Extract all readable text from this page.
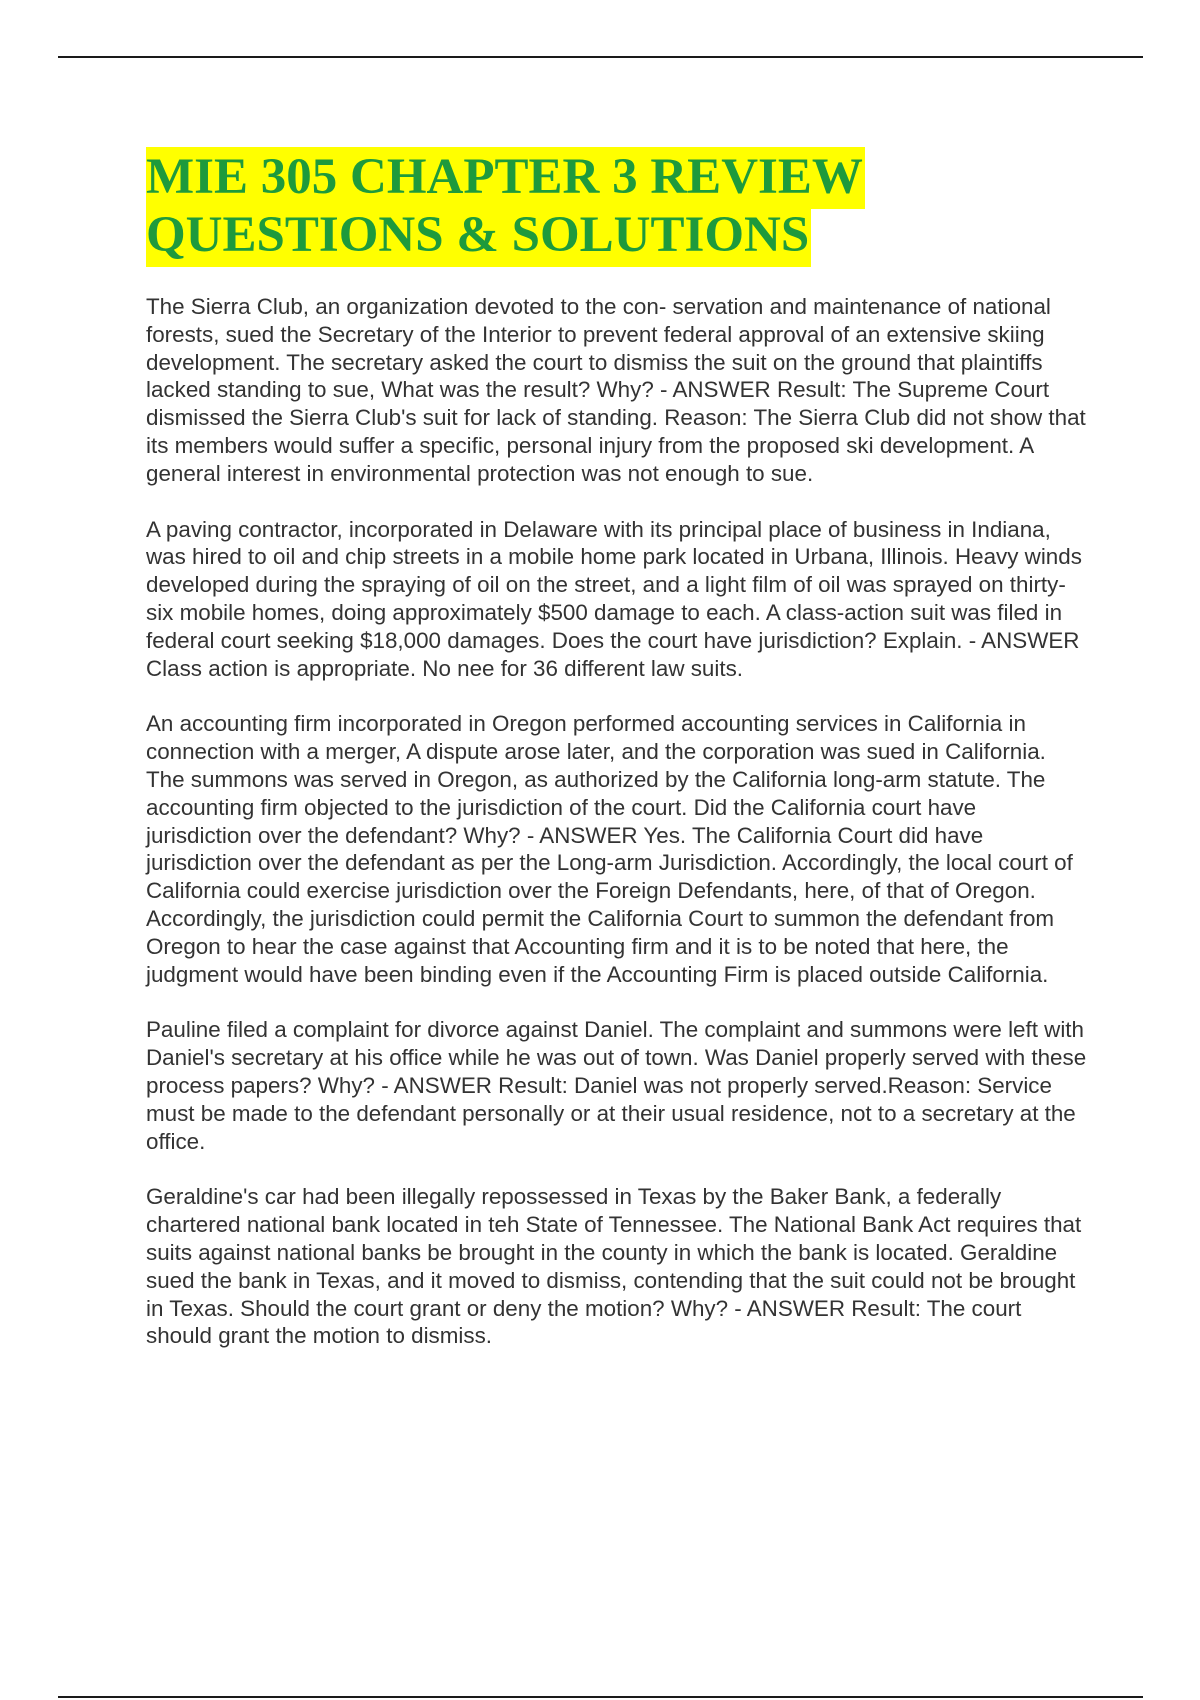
MIE 305 CHAPTER 3 REVIEW QUESTIONS & SOLUTIONS

The Sierra Club, an organization devoted to the con- servation and maintenance of national forests, sued the Secretary of the Interior to prevent federal approval of an extensive skiing development. The secretary asked the court to dismiss the suit on the ground that plaintiffs lacked standing to sue, What was the result? Why? - ANSWER Result: The Supreme Court dismissed the Sierra Club's suit for lack of standing. Reason: The Sierra Club did not show that its members would suffer a specific, personal injury from the proposed ski development. A general interest in environmental protection was not enough to sue.

A paving contractor, incorporated in Delaware with its principal place of business in Indiana, was hired to oil and chip streets in a mobile home park located in Urbana, Illinois. Heavy winds developed during the spraying of oil on the street, and a light film of oil was sprayed on thirty-six mobile homes, doing approximately $500 damage to each. A class-action suit was filed in federal court seeking $18,000 damages. Does the court have jurisdiction? Explain. - ANSWER Class action is appropriate. No nee for 36 different law suits.

An accounting firm incorporated in Oregon performed accounting services in California in connection with a merger, A dispute arose later, and the corporation was sued in California. The summons was served in Oregon, as authorized by the California long-arm statute. The accounting firm objected to the jurisdiction of the court. Did the California court have jurisdiction over the defendant? Why? - ANSWER Yes. The California Court did have jurisdiction over the defendant as per the Long-arm Jurisdiction. Accordingly, the local court of California could exercise jurisdiction over the Foreign Defendants, here, of that of Oregon. Accordingly, the jurisdiction could permit the California Court to summon the defendant from Oregon to hear the case against that Accounting firm and it is to be noted that here, the judgment would have been binding even if the Accounting Firm is placed outside California.

Pauline filed a complaint for divorce against Daniel. The complaint and summons were left with Daniel's secretary at his office while he was out of town. Was Daniel properly served with these process papers? Why? - ANSWER Result: Daniel was not properly served.Reason: Service must be made to the defendant personally or at their usual residence, not to a secretary at the office.

Geraldine's car had been illegally repossessed in Texas by the Baker Bank, a federally chartered national bank located in teh State of Tennessee. The National Bank Act requires that suits against national banks be brought in the county in which the bank is located. Geraldine sued the bank in Texas, and it moved to dismiss, contending that the suit could not be brought in Texas. Should the court grant or deny the motion? Why? - ANSWER Result: The court should grant the motion to dismiss.
